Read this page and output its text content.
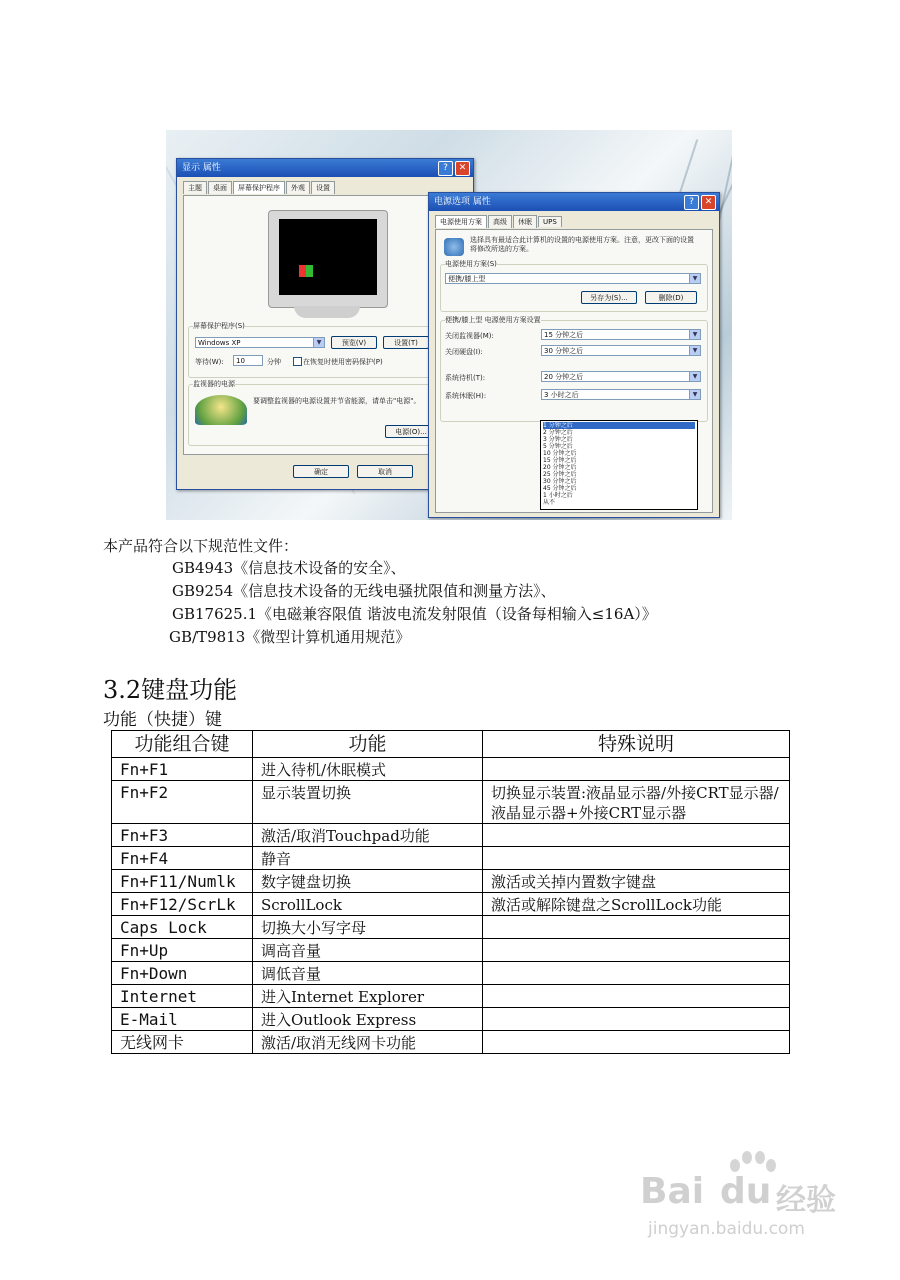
显示 属性	?	✕
主题 桌面 屏幕保护程序 外观 设置
屏幕保护程序(S)
Windows XP	▼	预览(V)	设置(T)
等待(W):	10	分钟	在恢复时使用密码保护(P)
监视器的电源
要调整监视器的电源设置并节省能源，请单击"电源"。
电源(O)...
确定	取消
电源选项 属性	?	✕
电源使用方案 高级 休眠 UPS
选择具有最适合此计算机的设置的电源使用方案。注意，更改下面的设置将修改所选的方案。
电源使用方案(S)
便携/膝上型	▼
另存为(S)...	删除(D)
便携/膝上型 电源使用方案设置
关闭监视器(M):	15 分钟之后	▼
关闭硬盘(I):	30 分钟之后	▼
系统待机(T):	20 分钟之后	▼
系统休眠(H):	3 小时之后	▼
1 分钟之后
2 分钟之后
3 分钟之后
5 分钟之后
10 分钟之后
15 分钟之后
20 分钟之后
25 分钟之后
30 分钟之后
45 分钟之后
1 小时之后
从不
本产品符合以下规范性文件：
GB4943《信息技术设备的安全》、
GB9254《信息技术设备的无线电骚扰限值和测量方法》、
GB17625.1《电磁兼容限值 谐波电流发射限值（设备每相输入≤16A）》
GB/T9813《微型计算机通用规范》
3.2键盘功能
功能（快捷）键
功能组合键	功能	特殊说明
Fn+F1	进入待机/休眠模式	
Fn+F2	显示装置切换	切换显示装置:液晶显示器/外接CRT显示器/液晶显示器+外接CRT显示器
Fn+F3	激活/取消Touchpad功能	
Fn+F4	静音	
Fn+F11/Numlk	数字键盘切换	激活或关掉内置数字键盘
Fn+F12/ScrLk	ScrollLock	激活或解除键盘之ScrollLock功能
Caps Lock	切换大小写字母	
Fn+Up	调高音量	
Fn+Down	调低音量	
Internet	进入Internet Explorer	
E-Mail	进入Outlook Express	
无线网卡	激活/取消无线网卡功能	
Bai du 经验
jingyan.baidu.com
